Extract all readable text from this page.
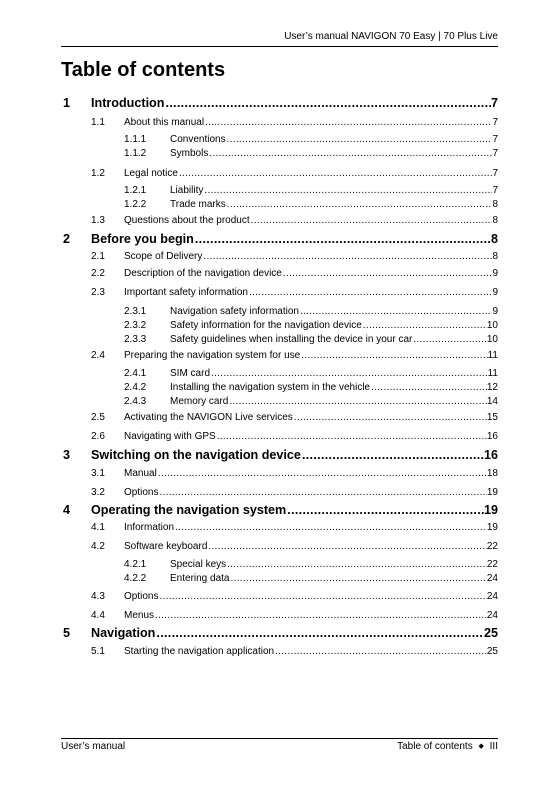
User’s manual NAVIGON 70 Easy | 70 Plus Live
Table of contents
1	Introduction .....	7
1.1	About this manual .....	7
1.1.1	Conventions .....	7
1.1.2	Symbols .....	7
1.2	Legal notice .....	7
1.2.1	Liability .....	7
1.2.2	Trade marks .....	8
1.3	Questions about the product .....	8
2	Before you begin .....	8
2.1	Scope of Delivery .....	8
2.2	Description of the navigation device .....	9
2.3	Important safety information .....	9
2.3.1	Navigation safety information .....	9
2.3.2	Safety information for the navigation device .....	10
2.3.3	Safety guidelines when installing the device in your car .....	10
2.4	Preparing the navigation system for use .....	11
2.4.1	SIM card .....	11
2.4.2	Installing the navigation system in the vehicle .....	12
2.4.3	Memory card .....	14
2.5	Activating the NAVIGON Live services .....	15
2.6	Navigating with GPS .....	16
3	Switching on the navigation device .....	16
3.1	Manual .....	18
3.2	Options .....	19
4	Operating the navigation system .....	19
4.1	Information .....	19
4.2	Software keyboard .....	22
4.2.1	Special keys .....	22
4.2.2	Entering data .....	24
4.3	Options .....	24
4.4	Menus .....	24
5	Navigation .....	25
5.1	Starting the navigation application .....	25
User’s manual	Table of contents ◆ III
